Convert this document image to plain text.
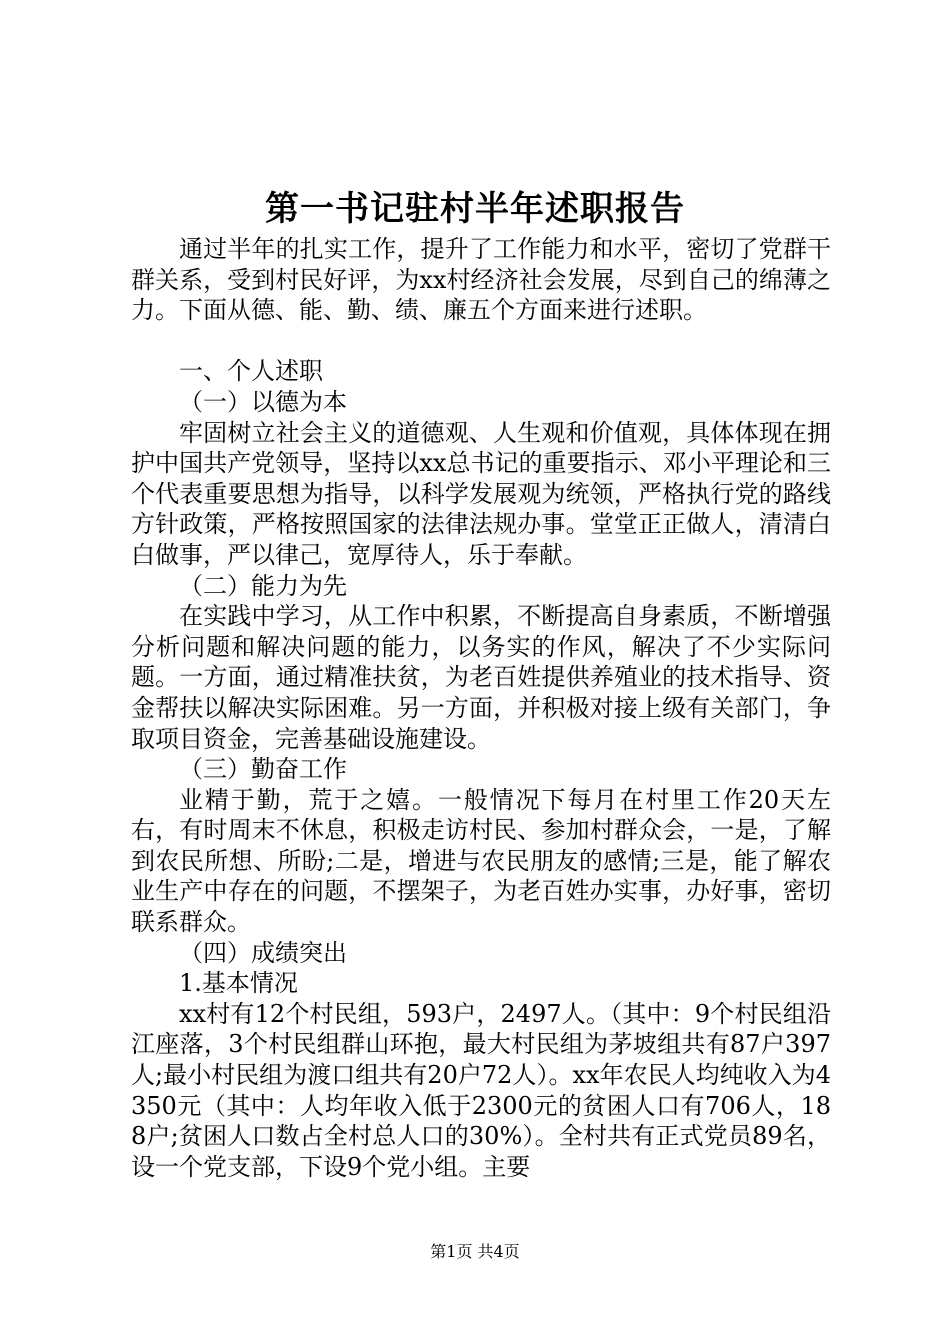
第一书记驻村半年述职报告

通过半年的扎实工作，提升了工作能力和水平，密切了党群干群关系，受到村民好评，为xx村经济社会发展，尽到自己的绵薄之力。下面从德、能、勤、绩、廉五个方面来进行述职。

一、个人述职

（一）以德为本

牢固树立社会主义的道德观、人生观和价值观，具体体现在拥护中国共产党领导，坚持以xx总书记的重要指示、邓小平理论和三个代表重要思想为指导，以科学发展观为统领，严格执行党的路线方针政策，严格按照国家的法律法规办事。堂堂正正做人，清清白白做事，严以律己，宽厚待人，乐于奉献。

（二）能力为先

在实践中学习，从工作中积累，不断提高自身素质，不断增强分析问题和解决问题的能力，以务实的作风，解决了不少实际问题。一方面，通过精准扶贫，为老百姓提供养殖业的技术指导、资金帮扶以解决实际困难。另一方面，并积极对接上级有关部门，争取项目资金，完善基础设施建设。

（三）勤奋工作

业精于勤，荒于之嬉。一般情况下每月在村里工作20天左右，有时周末不休息，积极走访村民、参加村群众会，一是，了解到农民所想、所盼;二是，增进与农民朋友的感情;三是，能了解农业生产中存在的问题，不摆架子，为老百姓办实事，办好事，密切联系群众。

（四）成绩突出

1.基本情况

xx村有12个村民组，593户，2497人。（其中：9个村民组沿江座落，3个村民组群山环抱，最大村民组为茅坡组共有87户397人;最小村民组为渡口组共有20户72人）。xx年农民人均纯收入为4350元（其中：人均年收入低于2300元的贫困人口有706人，188户;贫困人口数占全村总人口的30%）。全村共有正式党员89名，设一个党支部，下设9个党小组。主要

第1页 共4页
